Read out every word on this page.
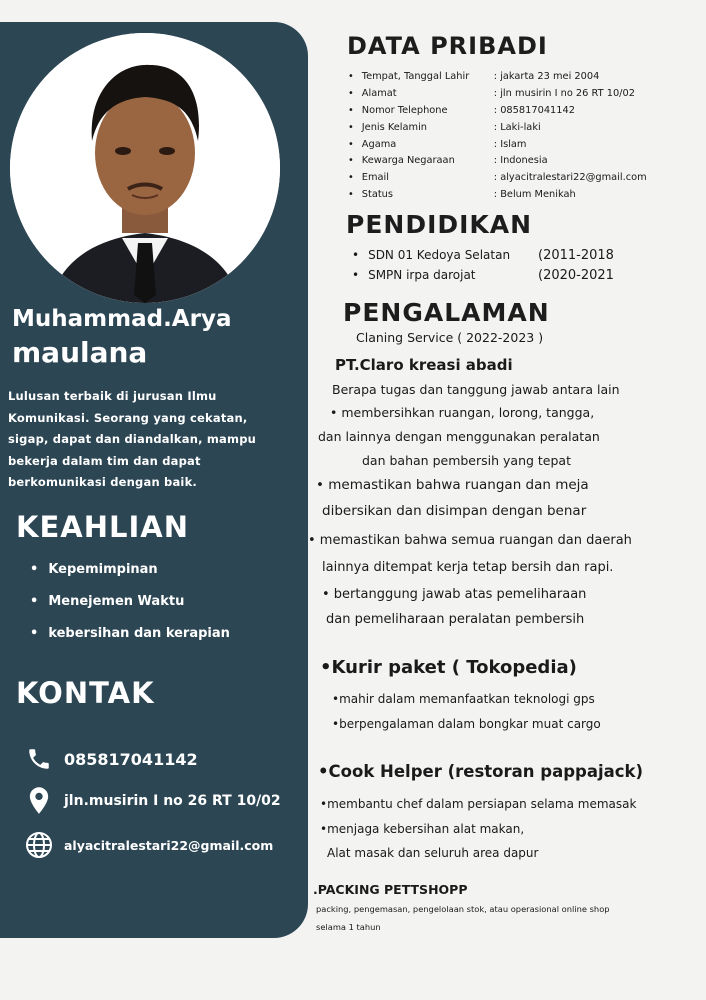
Muhammad.Arya
maulana
Lulusan terbaik di jurusan Ilmu Komunikasi. Seorang yang cekatan, sigap, dapat dan diandalkan, mampu bekerja dalam tim dan dapat berkomunikasi dengan baik.
KEAHLIAN
• Kepemimpinan
• Menejemen Waktu
• kebersihan dan kerapian
KONTAK
085817041142
jln.musirin I no 26 RT 10/02
alyacitralestari22@gmail.com
DATA PRIBADI
• Tempat, Tanggal Lahir	: jakarta 23 mei 2004
• Alamat	: jln musirin I no 26 RT 10/02
• Nomor Telephone	: 085817041142
• Jenis Kelamin	: Laki-laki
• Agama	: Islam
• Kewarga Negaraan	: Indonesia
• Email	: alyacitralestari22@gmail.com
• Status	: Belum Menikah
PENDIDIKAN
• SDN 01 Kedoya Selatan (2011-2018
• SMPN irpa darojat	(2020-2021
PENGALAMAN
Claning Service ( 2022-2023 )
PT.Claro kreasi abadi
Berapa tugas dan tanggung jawab antara lain
• membersihkan ruangan, lorong, tangga,
dan lainnya dengan menggunakan peralatan
dan bahan pembersih yang tepat
• memastikan bahwa ruangan dan meja
dibersikan dan disimpan dengan benar
• memastikan bahwa semua ruangan dan daerah
lainnya ditempat kerja tetap bersih dan rapi.
• bertanggung jawab atas pemeliharaan
dan pemeliharaan peralatan pembersih
•Kurir paket ( Tokopedia)
•mahir dalam memanfaatkan teknologi gps
•berpengalaman dalam bongkar muat cargo
•Cook Helper (restoran pappajack)
•membantu chef dalam persiapan selama memasak
•menjaga kebersihan alat makan,
Alat masak dan seluruh area dapur
.PACKING PETTSHOPP
packing, pengemasan, pengelolaan stok, atau operasional online shop
selama 1 tahun
